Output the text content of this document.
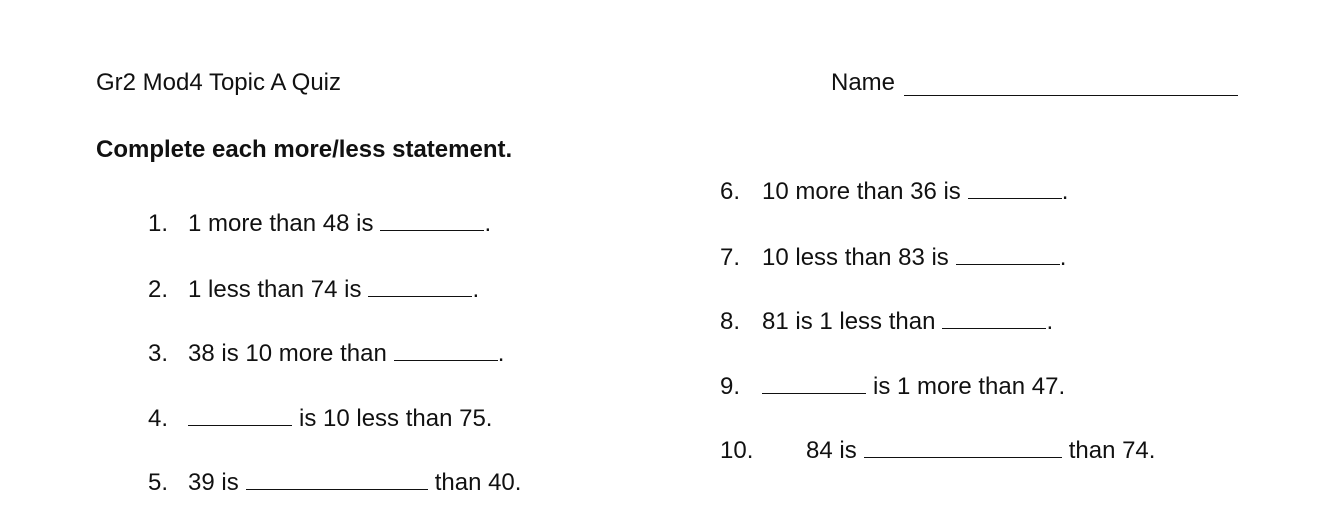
Gr2 Mod4 Topic A Quiz	Name
Complete each more/less statement.
1. 1 more than 48 is	.
2. 1 less than 74 is	.
3. 38 is 10 more than	.
4.	is 10 less than 75.
5. 39 is	than 40.
6. 10 more than 36 is	.
7. 10 less than 83 is	.
8. 81 is 1 less than	.
9.	is 1 more than 47.
10. 84 is	than 74.
